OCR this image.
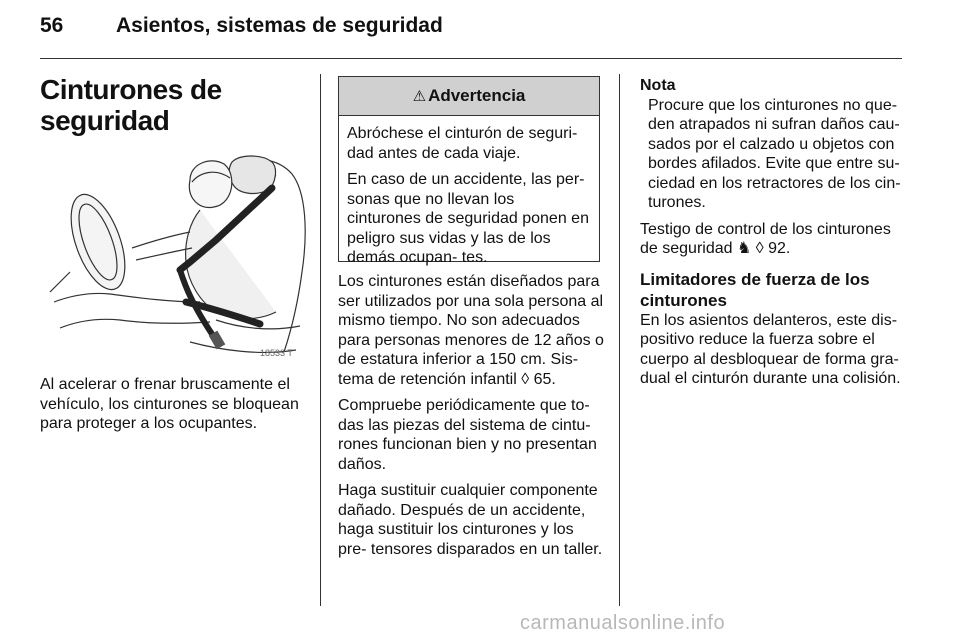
56	Asientos, sistemas de seguridad
Cinturones de seguridad
18533 T

Al acelerar o frenar bruscamente el vehículo, los cinturones se bloquean para proteger a los ocupantes.

⚠ Advertencia

Abróchese el cinturón de seguri- dad antes de cada viaje.

En caso de un accidente, las per- sonas que no llevan los cinturones de seguridad ponen en peligro sus vidas y las de los demás ocupan- tes.

Los cinturones están diseñados para ser utilizados por una sola persona al mismo tiempo. No son adecuados para personas menores de 12 años o de estatura inferior a 150 cm. Sis- tema de retención infantil ◊ 65.

Compruebe periódicamente que to- das las piezas del sistema de cintu- rones funcionan bien y no presentan daños.

Haga sustituir cualquier componente dañado. Después de un accidente, haga sustituir los cinturones y los pre- tensores disparados en un taller.

Nota

Procure que los cinturones no que- den atrapados ni sufran daños cau- sados por el calzado u objetos con bordes afilados. Evite que entre su- ciedad en los retractores de los cin- turones.

Testigo de control de los cinturones de seguridad ♞ ◊ 92.

Limitadores de fuerza de los cinturones

En los asientos delanteros, este dis- positivo reduce la fuerza sobre el cuerpo al desbloquear de forma gra- dual el cinturón durante una colisión.

carmanualsonline.info
